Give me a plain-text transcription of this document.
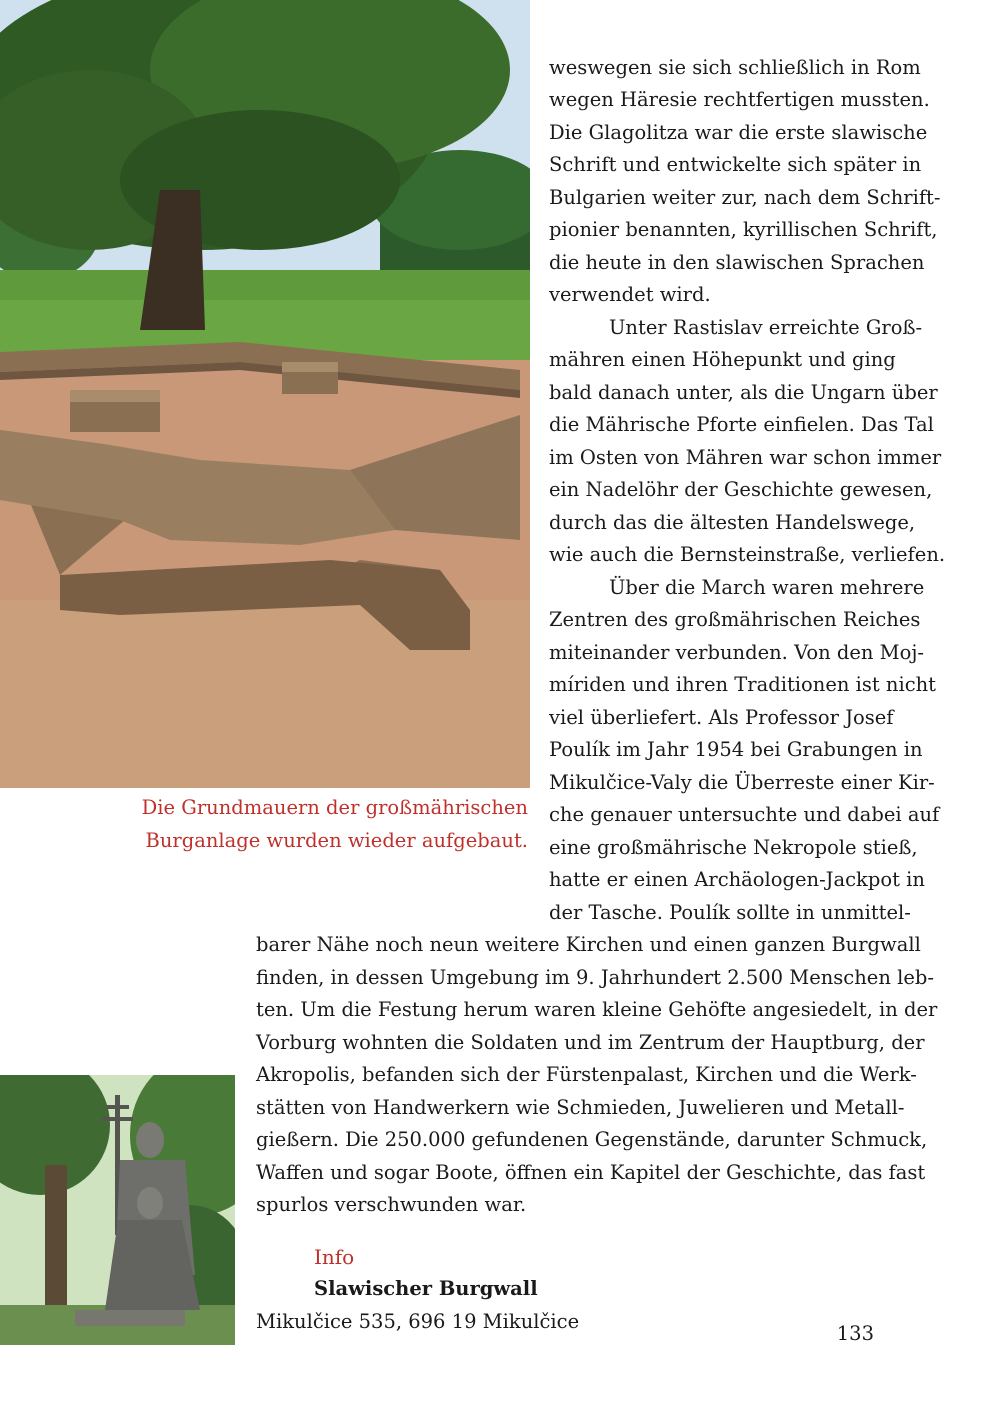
Die Grundmauern der großmährischen
Burganlage wurden wieder aufgebaut.
weswegen sie sich schließlich in Rom
wegen Häresie rechtfertigen mussten.
Die Glagolitza war die erste slawische
Schrift und entwickelte sich später in
Bulgarien weiter zur, nach dem Schrift-
pionier benannten, kyrillischen Schrift,
die heute in den slawischen Sprachen
verwendet wird.
Unter Rastislav erreichte Groß-
mähren einen Höhepunkt und ging
bald danach unter, als die Ungarn über
die Mährische Pforte einfielen. Das Tal
im Osten von Mähren war schon immer
ein Nadelöhr der Geschichte gewesen,
durch das die ältesten Handelswege,
wie auch die Bernsteinstraße, verliefen.
Über die March waren mehrere
Zentren des großmährischen Reiches
miteinander verbunden. Von den Moj-
míriden und ihren Traditionen ist nicht
viel überliefert. Als Professor Josef
Poulík im Jahr 1954 bei Grabungen in
Mikulčice-Valy die Überreste einer Kir-
che genauer untersuchte und dabei auf
eine großmährische Nekropole stieß,
hatte er einen Archäologen-Jackpot in
der Tasche. Poulík sollte in unmittel-
barer Nähe noch neun weitere Kirchen und einen ganzen Burgwall
finden, in dessen Umgebung im 9. Jahrhundert 2.500 Menschen leb-
ten. Um die Festung herum waren kleine Gehöfte angesiedelt, in der
Vorburg wohnten die Soldaten und im Zentrum der Hauptburg, der
Akropolis, befanden sich der Fürstenpalast, Kirchen und die Werk-
stätten von Handwerkern wie Schmieden, Juwelieren und Metall-
gießern. Die 250.000 gefundenen Gegenstände, darunter Schmuck,
Waffen und sogar Boote, öffnen ein Kapitel der Geschichte, das fast
spurlos verschwunden war.
Info
Slawischer Burgwall
Mikulčice 535, 696 19 Mikulčice
133
